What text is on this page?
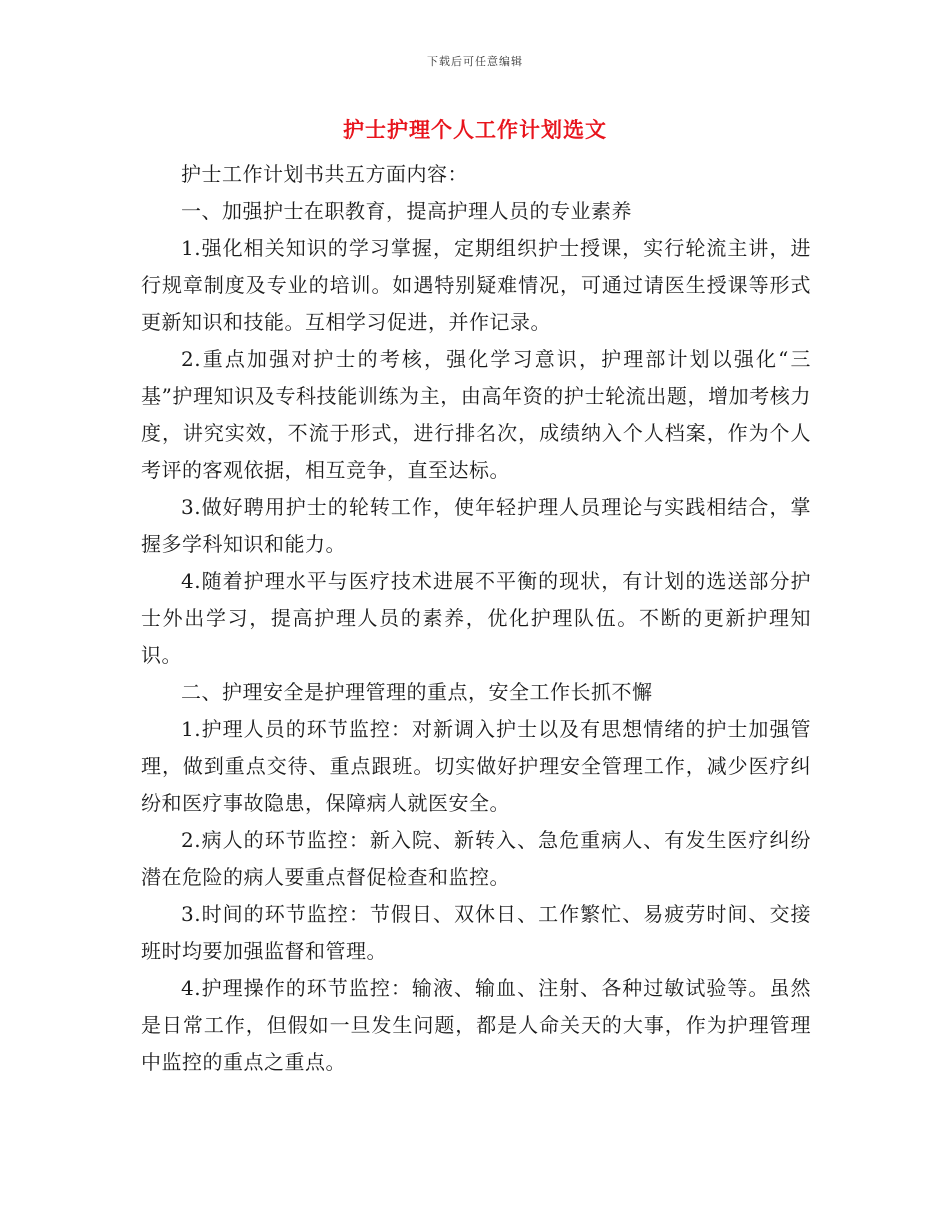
下载后可任意编辑
护士护理个人工作计划选文

护士工作计划书共五方面内容：

一、加强护士在职教育，提高护理人员的专业素养

1.强化相关知识的学习掌握，定期组织护士授课，实行轮流主讲，进行规章制度及专业的培训。如遇特别疑难情况，可通过请医生授课等形式更新知识和技能。互相学习促进，并作记录。

2.重点加强对护士的考核，强化学习意识，护理部计划以强化“三基”护理知识及专科技能训练为主，由高年资的护士轮流出题，增加考核力度，讲究实效，不流于形式，进行排名次，成绩纳入个人档案，作为个人考评的客观依据，相互竞争，直至达标。

3.做好聘用护士的轮转工作，使年轻护理人员理论与实践相结合，掌握多学科知识和能力。

4.随着护理水平与医疗技术进展不平衡的现状，有计划的选送部分护士外出学习，提高护理人员的素养，优化护理队伍。不断的更新护理知识。

二、护理安全是护理管理的重点，安全工作长抓不懈

1.护理人员的环节监控：对新调入护士以及有思想情绪的护士加强管理，做到重点交待、重点跟班。切实做好护理安全管理工作，减少医疗纠纷和医疗事故隐患，保障病人就医安全。

2.病人的环节监控：新入院、新转入、急危重病人、有发生医疗纠纷潜在危险的病人要重点督促检查和监控。

3.时间的环节监控：节假日、双休日、工作繁忙、易疲劳时间、交接班时均要加强监督和管理。

4.护理操作的环节监控：输液、输血、注射、各种过敏试验等。虽然是日常工作，但假如一旦发生问题，都是人命关天的大事，作为护理管理中监控的重点之重点。
